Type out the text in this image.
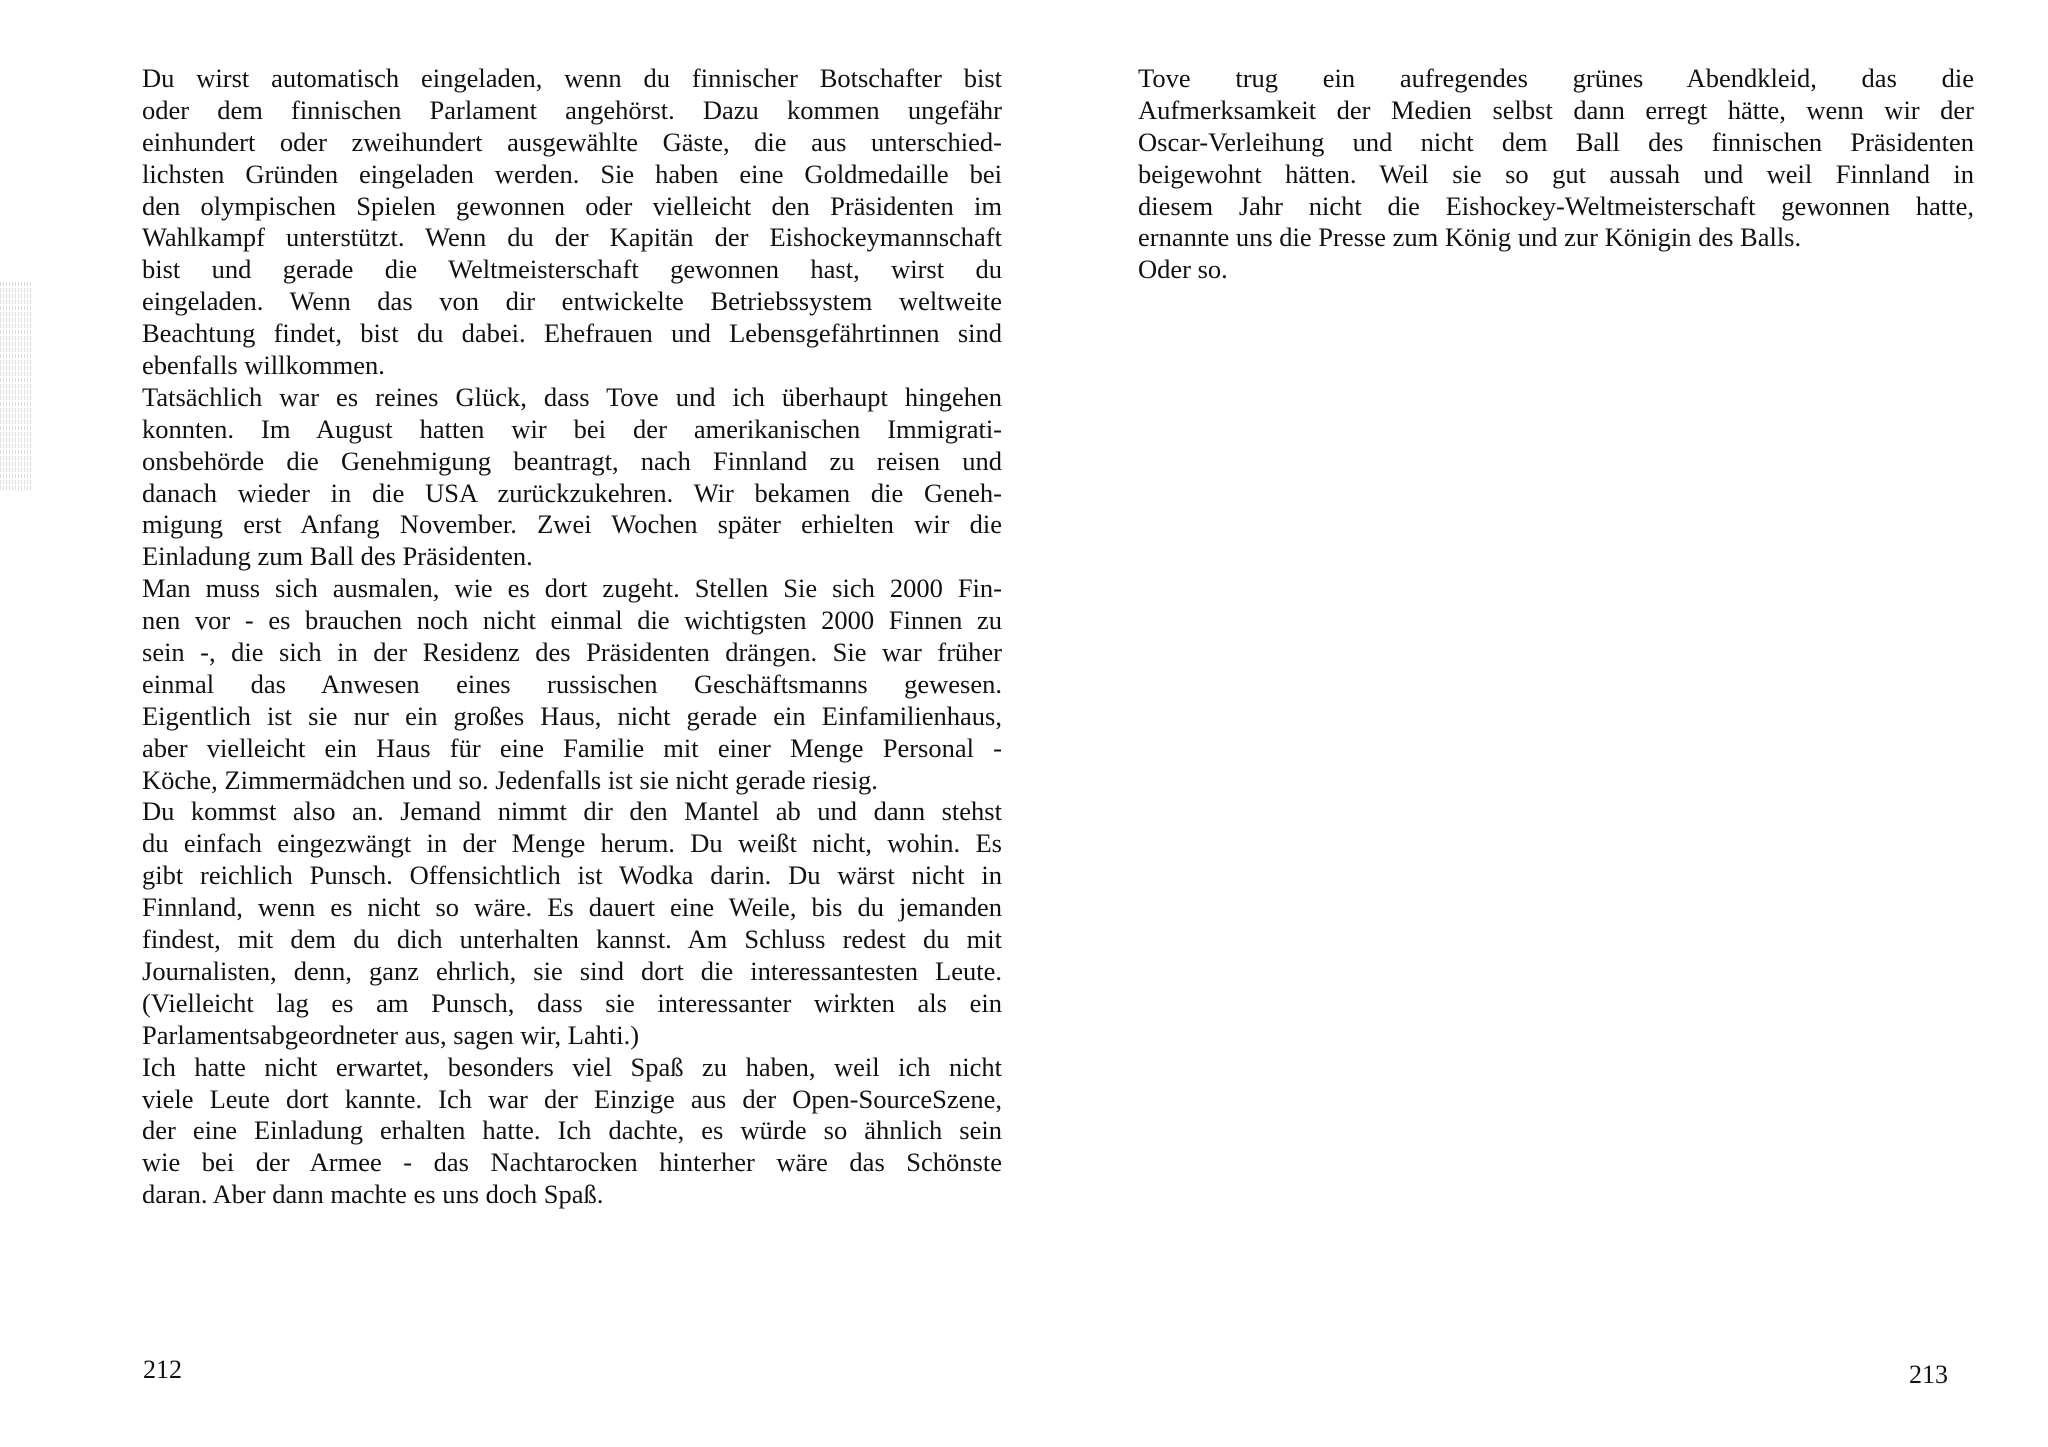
Du wirst automatisch eingeladen, wenn du finnischer Botschafter bist
oder dem finnischen Parlament angehörst. Dazu kommen ungefähr
einhundert oder zweihundert ausgewählte Gäste, die aus unterschied-
lichsten Gründen eingeladen werden. Sie haben eine Goldmedaille bei
den olympischen Spielen gewonnen oder vielleicht den Präsidenten im
Wahlkampf unterstützt. Wenn du der Kapitän der Eishockeymannschaft
bist und gerade die Weltmeisterschaft gewonnen hast, wirst du
eingeladen. Wenn das von dir entwickelte Betriebssystem weltweite
Beachtung findet, bist du dabei. Ehefrauen und Lebensgefährtinnen sind
ebenfalls willkommen.
Tatsächlich war es reines Glück, dass Tove und ich überhaupt hingehen
konnten. Im August hatten wir bei der amerikanischen Immigrati-
onsbehörde die Genehmigung beantragt, nach Finnland zu reisen und
danach wieder in die USA zurückzukehren. Wir bekamen die Geneh-
migung erst Anfang November. Zwei Wochen später erhielten wir die
Einladung zum Ball des Präsidenten.
Man muss sich ausmalen, wie es dort zugeht. Stellen Sie sich 2000 Fin-
nen vor - es brauchen noch nicht einmal die wichtigsten 2000 Finnen zu
sein -, die sich in der Residenz des Präsidenten drängen. Sie war früher
einmal das Anwesen eines russischen Geschäftsmanns gewesen.
Eigentlich ist sie nur ein großes Haus, nicht gerade ein Einfamilienhaus,
aber vielleicht ein Haus für eine Familie mit einer Menge Personal -
Köche, Zimmermädchen und so. Jedenfalls ist sie nicht gerade riesig.
Du kommst also an. Jemand nimmt dir den Mantel ab und dann stehst
du einfach eingezwängt in der Menge herum. Du weißt nicht, wohin. Es
gibt reichlich Punsch. Offensichtlich ist Wodka darin. Du wärst nicht in
Finnland, wenn es nicht so wäre. Es dauert eine Weile, bis du jemanden
findest, mit dem du dich unterhalten kannst. Am Schluss redest du mit
Journalisten, denn, ganz ehrlich, sie sind dort die interessantesten Leute.
(Vielleicht lag es am Punsch, dass sie interessanter wirkten als ein
Parlamentsabgeordneter aus, sagen wir, Lahti.)
Ich hatte nicht erwartet, besonders viel Spaß zu haben, weil ich nicht
viele Leute dort kannte. Ich war der Einzige aus der Open-SourceSzene,
der eine Einladung erhalten hatte. Ich dachte, es würde so ähnlich sein
wie bei der Armee - das Nachtarocken hinterher wäre das Schönste
daran. Aber dann machte es uns doch Spaß.
212
Tove trug ein aufregendes grünes Abendkleid, das die
Aufmerksamkeit der Medien selbst dann erregt hätte, wenn wir der
Oscar-Verleihung und nicht dem Ball des finnischen Präsidenten
beigewohnt hätten. Weil sie so gut aussah und weil Finnland in
diesem Jahr nicht die Eishockey-Weltmeisterschaft gewonnen hatte,
ernannte uns die Presse zum König und zur Königin des Balls.
Oder so.
213
